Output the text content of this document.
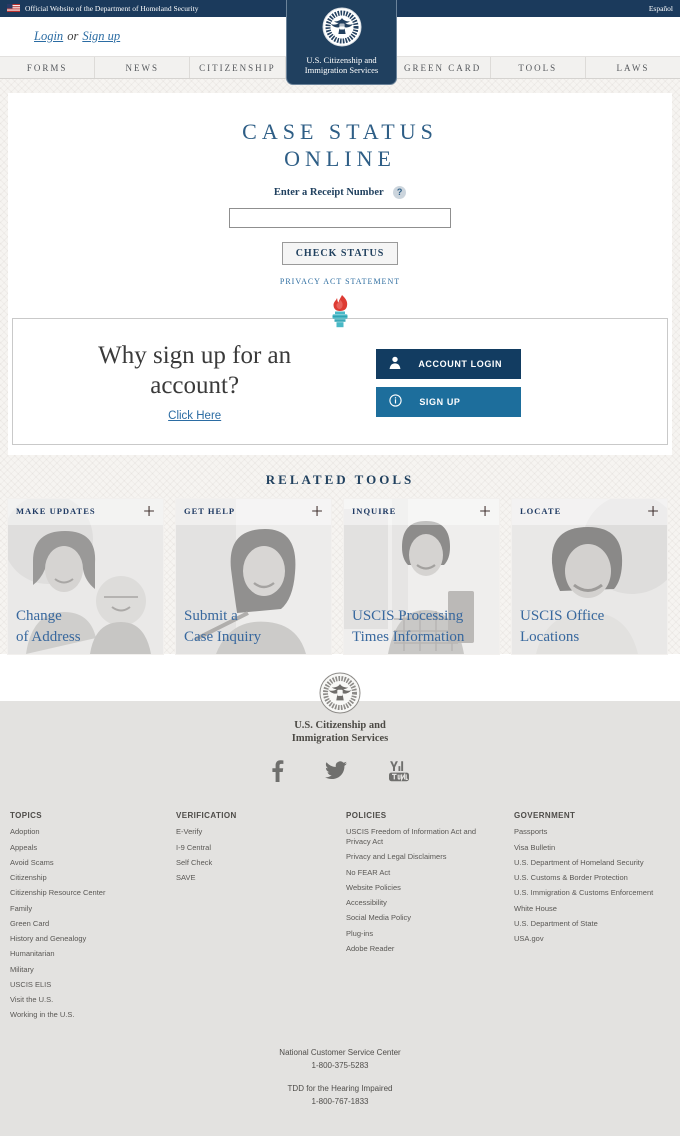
Official Website of the Department of Homeland Security	Español
Login or Sign up
FORMS	NEWS	CITIZENSHIP	GREEN CARD	TOOLS	LAWS
U.S. Citizenship and
Immigration Services
CASE STATUS
ONLINE
Enter a Receipt Number ?
CHECK STATUS
PRIVACY ACT STATEMENT
Why sign up for an
account?
Click Here
ACCOUNT LOGIN
SIGN UP
RELATED TOOLS
MAKE UPDATES +
Change
of Address
GET HELP	+
Submit a
Case Inquiry
INQUIRE	+
USCIS Processing
Times Information
LOCATE	+
USCIS Office
Locations
U.S. Citizenship and
Immigration Services
TOPICS
Adoption
Appeals
Avoid Scams
Citizenship
Citizenship Resource Center
Family
Green Card
History and Genealogy
Humanitarian
Military
USCIS ELIS
Visit the U.S.
Working in the U.S.
VERIFICATION
E-Verify
I-9 Central
Self Check
SAVE
POLICIES
USCIS Freedom of Information Act and Privacy Act
Privacy and Legal Disclaimers
No FEAR Act
Website Policies
Accessibility
Social Media Policy
Plug-ins
Adobe Reader
GOVERNMENT
Passports
Visa Bulletin
U.S. Department of Homeland Security
U.S. Customs & Border Protection
U.S. Immigration & Customs Enforcement
White House
U.S. Department of State
USA.gov
National Customer Service Center
1-800-375-5283
TDD for the Hearing Impaired
1-800-767-1833
